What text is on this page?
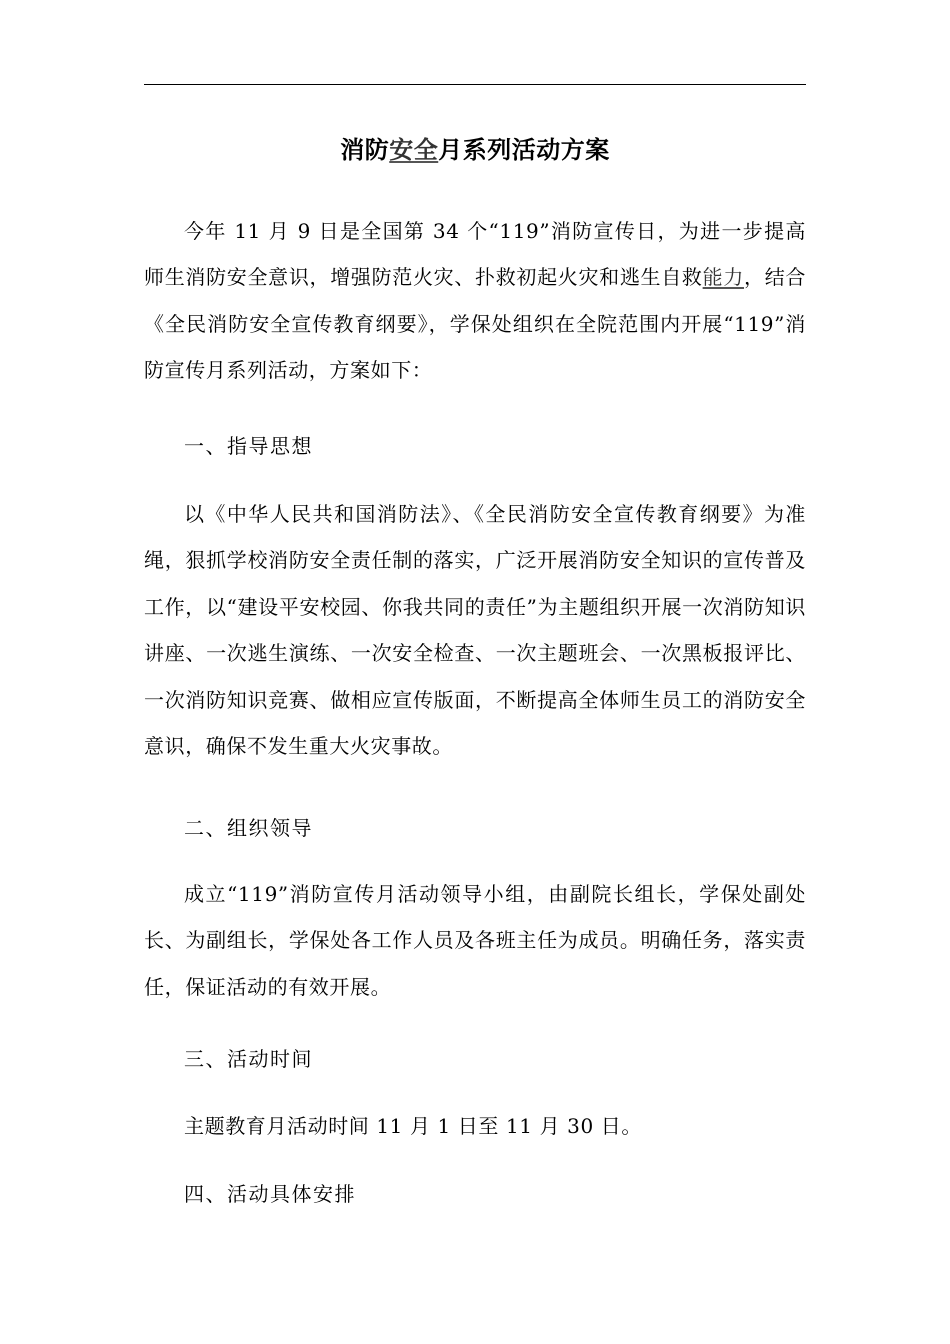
消防安全月系列活动方案

今年 11 月 9 日是全国第 34 个“119”消防宣传日，为进一步提高师生消防安全意识，增强防范火灾、扑救初起火灾和逃生自救能力，结合《全民消防安全宣传教育纲要》，学保处组织在全院范围内开展“119”消防宣传月系列活动，方案如下：

一、指导思想

以《中华人民共和国消防法》、《全民消防安全宣传教育纲要》为准绳，狠抓学校消防安全责任制的落实，广泛开展消防安全知识的宣传普及工作，以“建设平安校园、你我共同的责任”为主题组织开展一次消防知识讲座、一次逃生演练、一次安全检查、一次主题班会、一次黑板报评比、一次消防知识竞赛、做相应宣传版面，不断提高全体师生员工的消防安全意识，确保不发生重大火灾事故。

二、组织领导

成立“119”消防宣传月活动领导小组，由副院长组长，学保处副处长、为副组长，学保处各工作人员及各班主任为成员。明确任务，落实责任，保证活动的有效开展。

三、活动时间

主题教育月活动时间 11 月 1 日至 11 月 30 日。

四、活动具体安排
